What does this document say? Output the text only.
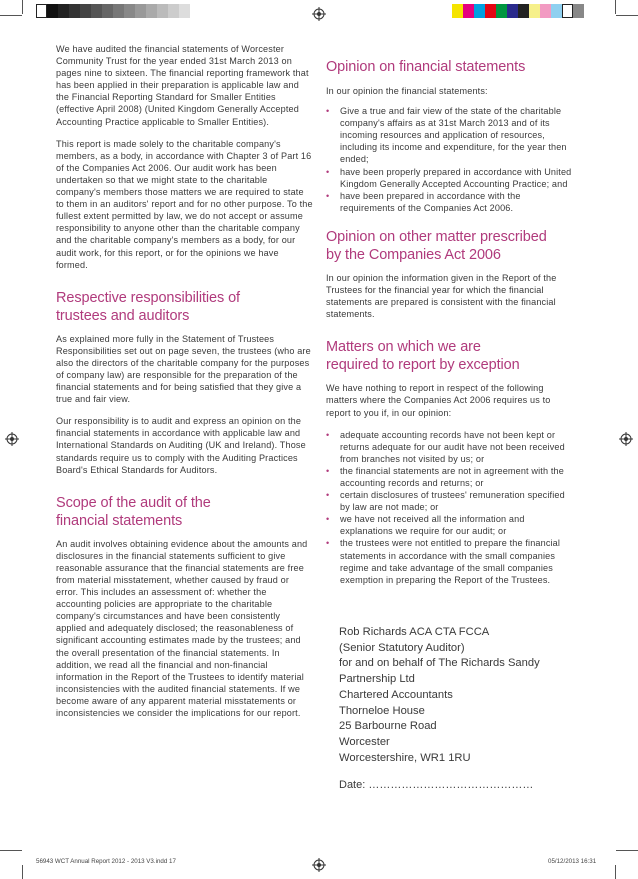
We have audited the financial statements of Worcester Community Trust for the year ended 31st March 2013 on pages nine to sixteen. The financial reporting framework that has been applied in their preparation is applicable law and the Financial Reporting Standard for Smaller Entities (effective April 2008) (United Kingdom Generally Accepted Accounting Practice applicable to Smaller Entities).

This report is made solely to the charitable company's members, as a body, in accordance with Chapter 3 of Part 16 of the Companies Act 2006. Our audit work has been undertaken so that we might state to the charitable company's members those matters we are required to state to them in an auditors' report and for no other purpose. To the fullest extent permitted by law, we do not accept or assume responsibility to anyone other than the charitable company and the charitable company's members as a body, for our audit work, for this report, or for the opinions we have formed.

Respective responsibilities of
trustees and auditors

As explained more fully in the Statement of Trustees Responsibilities set out on page seven, the trustees (who are also the directors of the charitable company for the purposes of company law) are responsible for the preparation of the financial statements and for being satisfied that they give a true and fair view.

Our responsibility is to audit and express an opinion on the financial statements in accordance with applicable law and International Standards on Auditing (UK and Ireland). Those standards require us to comply with the Auditing Practices Board's Ethical Standards for Auditors.

Scope of the audit of the
financial statements

An audit involves obtaining evidence about the amounts and disclosures in the financial statements sufficient to give reasonable assurance that the financial statements are free from material misstatement, whether caused by fraud or error. This includes an assessment of: whether the accounting policies are appropriate to the charitable company's circumstances and have been consistently applied and adequately disclosed; the reasonableness of significant accounting estimates made by the trustees; and the overall presentation of the financial statements. In addition, we read all the financial and non-financial information in the Report of the Trustees to identify material inconsistencies with the audited financial statements. If we become aware of any apparent material misstatements or inconsistencies we consider the implications for our report.

Opinion on financial statements

In our opinion the financial statements:

• Give a true and fair view of the state of the charitable company's affairs as at 31st March 2013 and of its incoming resources and application of resources, including its income and expenditure, for the year then ended;
• have been properly prepared in accordance with United Kingdom Generally Accepted Accounting Practice; and
• have been prepared in accordance with the requirements of the Companies Act 2006.
Opinion on other matter prescribed
by the Companies Act 2006

In our opinion the information given in the Report of the Trustees for the financial year for which the financial statements are prepared is consistent with the financial statements.

Matters on which we are
required to report by exception

We have nothing to report in respect of the following matters where the Companies Act 2006 requires us to report to you if, in our opinion:

• adequate accounting records have not been kept or returns adequate for our audit have not been received from branches not visited by us; or
• the financial statements are not in agreement with the accounting records and returns; or
• certain disclosures of trustees' remuneration specified by law are not made; or
• we have not received all the information and explanations we require for our audit; or
• the trustees were not entitled to prepare the financial statements in accordance with the small companies regime and take advantage of the small companies exemption in preparing the Report of the Trustees.
Rob Richards ACA CTA FCCA
(Senior Statutory Auditor)
for and on behalf of The Richards Sandy
Partnership Ltd
Chartered Accountants
Thorneloe House
25 Barbourne Road
Worcester
Worcestershire, WR1 1RU
Date: ………………………………………
56943 WCT Annual Report 2012 - 2013 V3.indd 17	05/12/2013 16:31
